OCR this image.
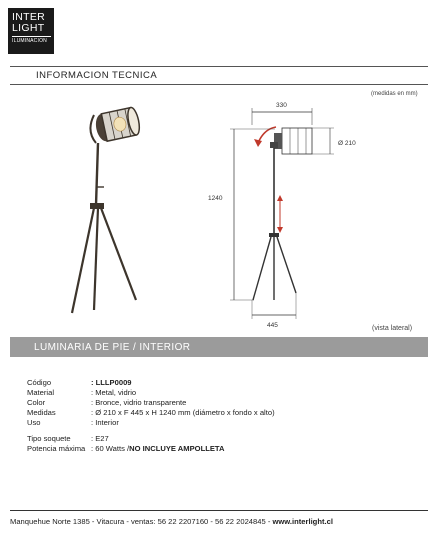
INTER
LIGHT
ILUMINACION
INFORMACION TECNICA
(medidas en mm)
330
Ø 210
1240
445	(vista lateral)
LUMINARIA DE PIE / INTERIOR
Código	: LLLP0009
Material	: Metal, vidrio
Color	: Bronce, vidrio transparente
Medidas	: Ø 210 x F 445 x H 1240 mm (diámetro x fondo x alto)
Uso	: Interior
Tipo soquete	: E27
Potencia máxima : 60 Watts /NO INCLUYE AMPOLLETA
Manquehue Norte 1385 - Vitacura - ventas: 56 22 2207160 - 56 22 2024845 - www.interlight.cl
